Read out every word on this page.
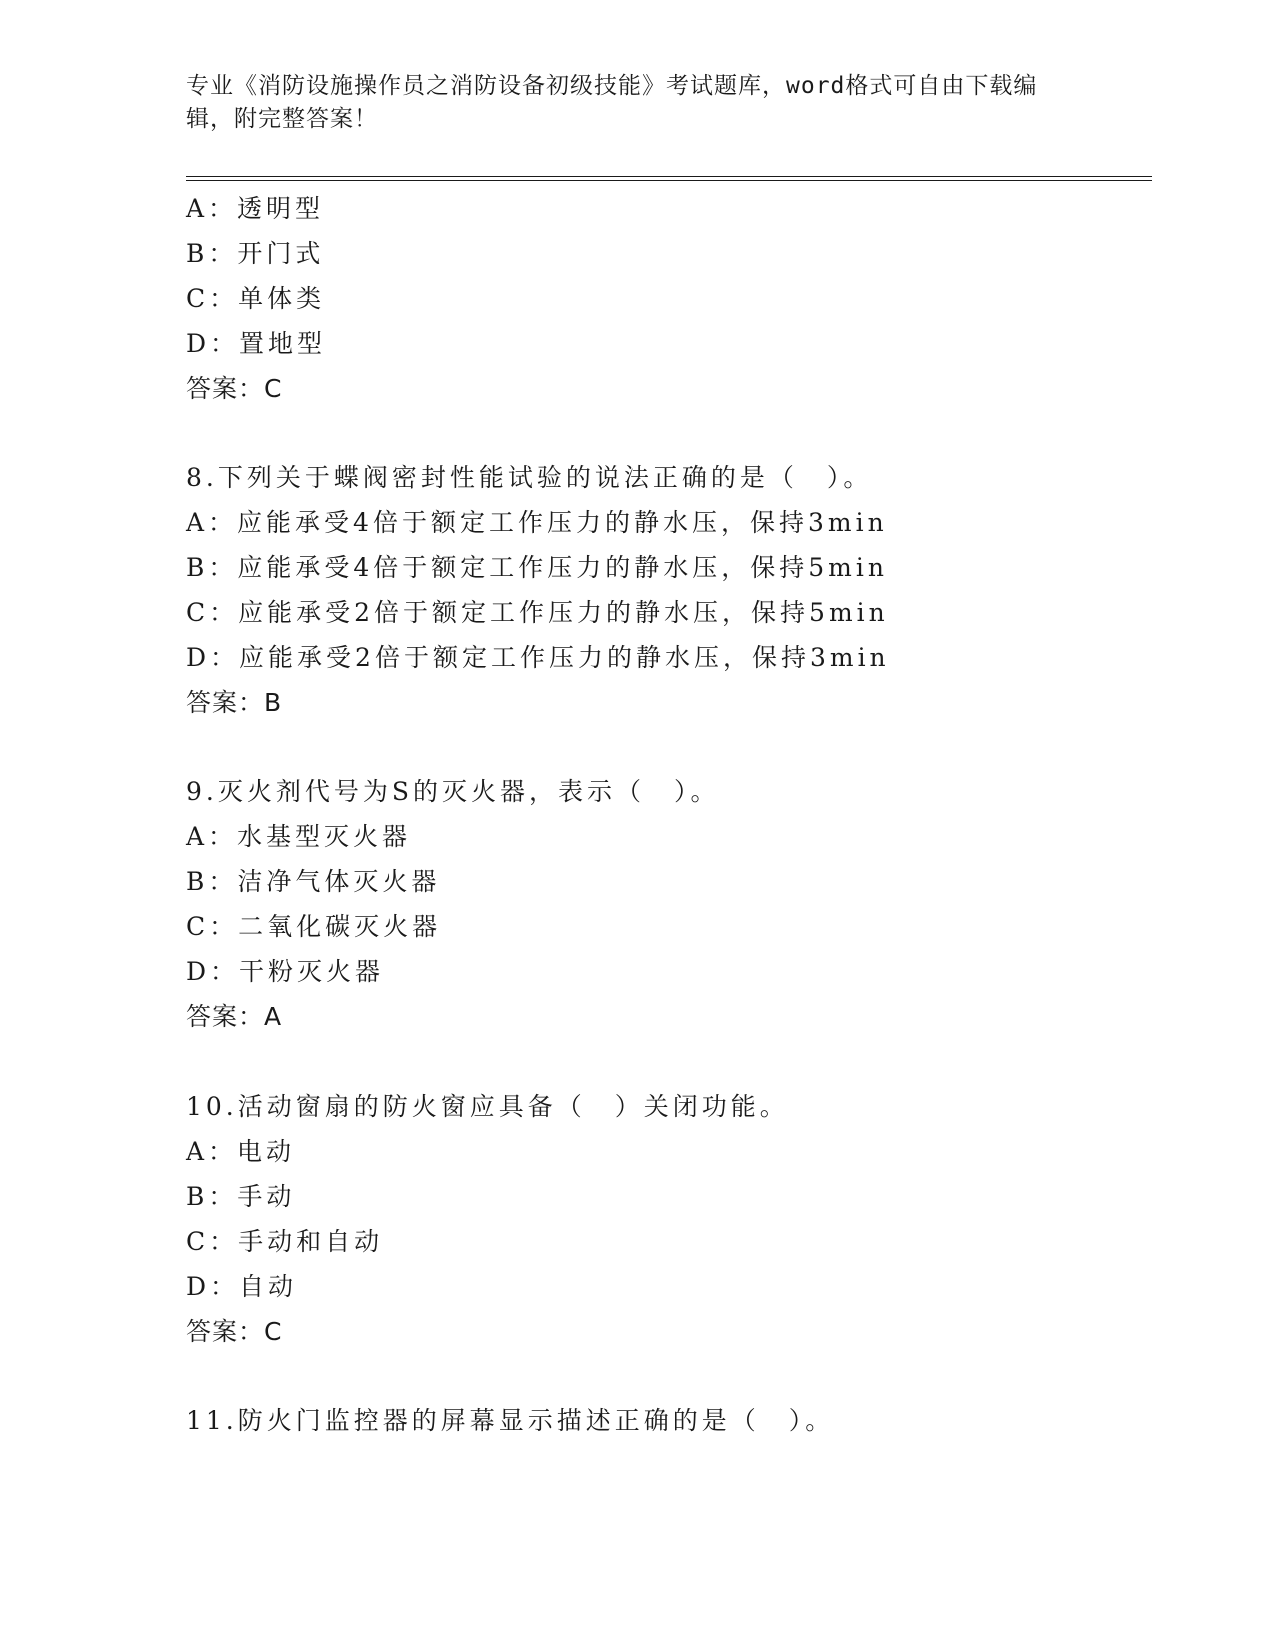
专业《消防设施操作员之消防设备初级技能》考试题库，word格式可自由下载编
辑，附完整答案！
A：透明型
B：开门式
C：单体类
D：置地型
答案：C
8.下列关于蝶阀密封性能试验的说法正确的是（　）。
A：应能承受4倍于额定工作压力的静水压，保持3min
B：应能承受4倍于额定工作压力的静水压，保持5min
C：应能承受2倍于额定工作压力的静水压，保持5min
D：应能承受2倍于额定工作压力的静水压，保持3min
答案：B
9.灭火剂代号为S的灭火器，表示（　）。
A：水基型灭火器
B：洁净气体灭火器
C：二氧化碳灭火器
D：干粉灭火器
答案：A
10.活动窗扇的防火窗应具备（　）关闭功能。
A：电动
B：手动
C：手动和自动
D：自动
答案：C
11.防火门监控器的屏幕显示描述正确的是（　）。
